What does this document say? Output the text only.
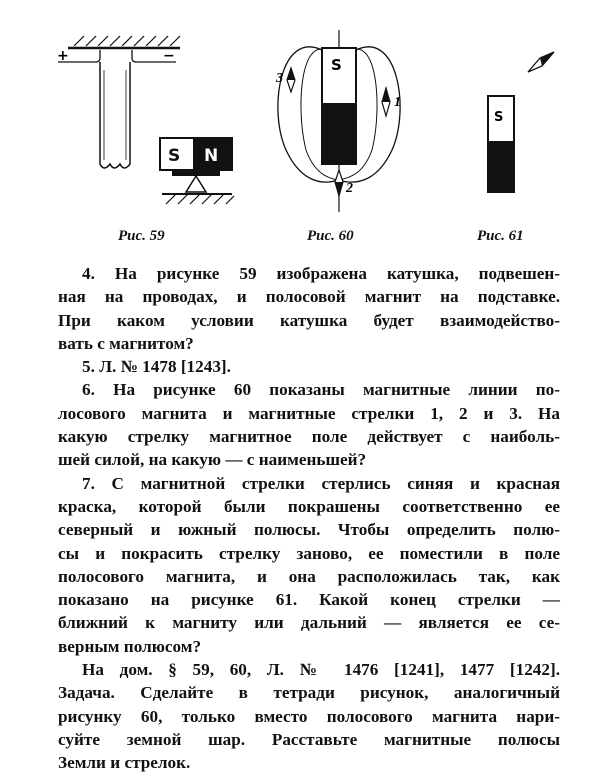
+	−
S N
S
1
2
3
S
Рис. 59	Рис. 60	Рис. 61
4. На рисунке 59 изображена катушка, подвешен-
ная на проводах, и полосовой магнит на подставке.
При каком условии катушка будет взаимодейство-
вать с магнитом?
5. Л. № 1478 [1243].
6. На рисунке 60 показаны магнитные линии по-
лосового магнита и магнитные стрелки 1, 2 и 3. На
какую стрелку магнитное поле действует с наиболь-
шей силой, на какую — с наименьшей?
7. С магнитной стрелки стерлись синяя и красная
краска, которой были покрашены соответственно ее
северный и южный полюсы. Чтобы определить полю-
сы и покрасить стрелку заново, ее поместили в поле
полосового магнита, и она расположилась так, как
показано на рисунке 61. Какой конец стрелки —
ближний к магниту или дальний — является ее се-
верным полюсом?
На дом. § 59, 60, Л. № 1476 [1241], 1477 [1242].
Задача. Сделайте в тетради рисунок, аналогичный
рисунку 60, только вместо полосового магнита нари-
суйте земной шар. Расставьте магнитные полюсы
Земли и стрелок.
